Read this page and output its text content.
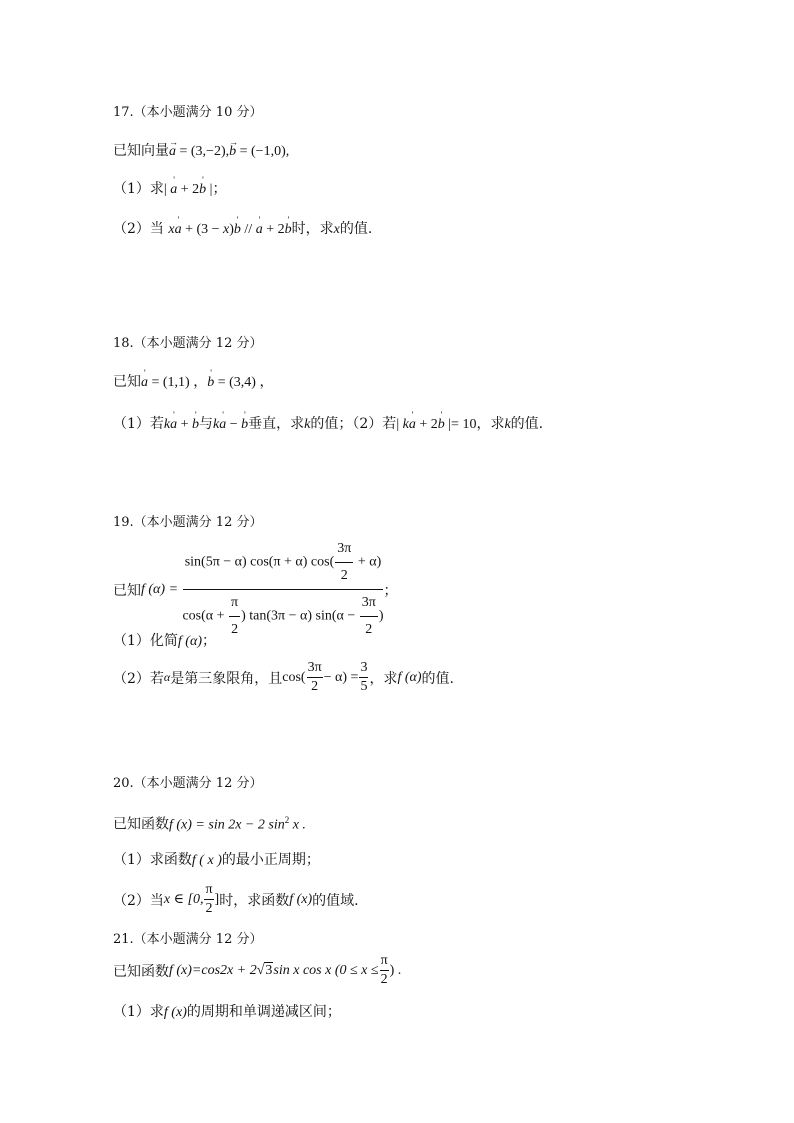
17.（本小题满分 10 分）
已知向量→ a = (3,−2),→ b = (−1,0),
（1）求| ' a + 2' b |；
（2）当 x' a + (3 − x)' b // ' a + 2' b时，求x的值.
18.（本小题满分 12 分）
已知' a = (1,1) ，' b = (3,4) ，
（1）若k' a + ' b与k' a − ' b垂直，求k的值；（2）若| k' a + 2' b |= 10，求k的值.
19.（本小题满分 12 分）
已知f $(\alpha) = \frac{\sin(5\pi - \alpha) \cos(\pi + \alpha) \cos( \frac{3\pi}{2} + \alpha)}{\cos(\alpha + \frac{\pi}{2} ) \tan(3\pi - \alpha) \sin(\alpha - \frac{3\pi}{2} )}$ ；
（1）化简f (α)；
（2）若α是第三象限角，且$\cos( \frac{3\pi}{2} - \alpha) = \frac{3}{5}$ ，求f (α)的值.
20.（本小题满分 12 分）
已知函数f (x) = sin 2x − 2 $\sin^2 x$ .
（1）求函数f ( x )的最小正周期；
（2）当x ∈ [0, $\frac{\pi}{2}$ ]时，求函数f (x)的值域.
21.（本小题满分 12 分）
已知函数f (x)=cos2x + 2√3sin x cos x ($0 \le x \le \frac{\pi}{2}$ ) .
（1）求f (x)的周期和单调递减区间；
